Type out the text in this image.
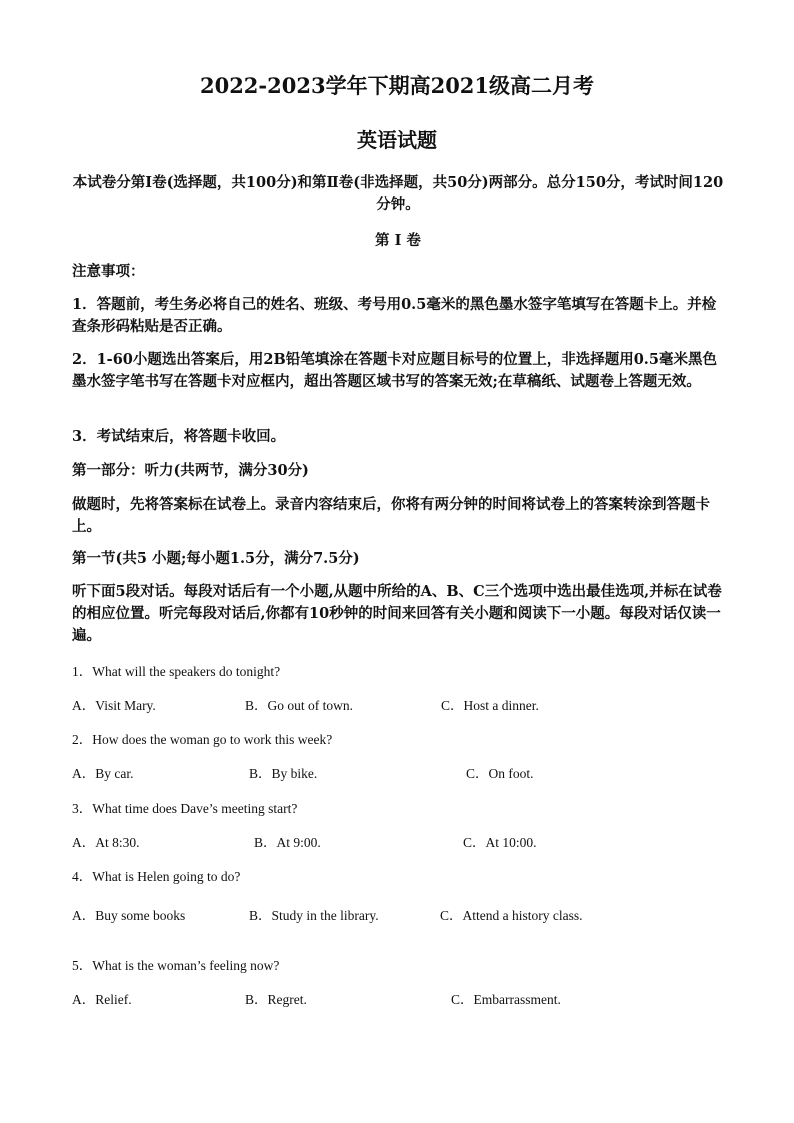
2022-2023学年下期高2021级高二月考
英语试题
本试卷分第Ⅰ卷(选择题，共100分)和第Ⅱ卷(非选择题，共50分)两部分。总分150分，考试时间120分钟。
第 Ⅰ 卷
注意事项：
1．答题前，考生务必将自己的姓名、班级、考号用0.5毫米的黑色墨水签字笔填写在答题卡上。并检查条形码粘贴是否正确。
2．1-60小题选出答案后，用2B铅笔填涂在答题卡对应题目标号的位置上，非选择题用0.5毫米黑色墨水签字笔书写在答题卡对应框内，超出答题区域书写的答案无效;在草稿纸、试题卷上答题无效。
3．考试结束后，将答题卡收回。
第一部分：听力(共两节，满分30分)
做题时，先将答案标在试卷上。录音内容结束后，你将有两分钟的时间将试卷上的答案转涂到答题卡上。
第一节(共5 小题;每小题1.5分，满分7.5分)
听下面5段对话。每段对话后有一个小题,从题中所给的A、B、C三个选项中选出最佳选项,并标在试卷的相应位置。听完每段对话后,你都有10秒钟的时间来回答有关小题和阅读下一小题。每段对话仅读一遍。
1．What will the speakers do tonight?
A．Visit Mary.	B．Go out of town.	C．Host a dinner.
2．How does the woman go to work this week?
A．By car.	B．By bike.	C．On foot.
3．What time does Dave’s meeting start?
A．At 8:30.	B．At 9:00.	C．At 10:00.
4．What is Helen going to do?
A．Buy some books	B．Study in the library.	C．Attend a history class.
5．What is the woman’s feeling now?
A．Relief.	B．Regret.	C．Embarrassment.
